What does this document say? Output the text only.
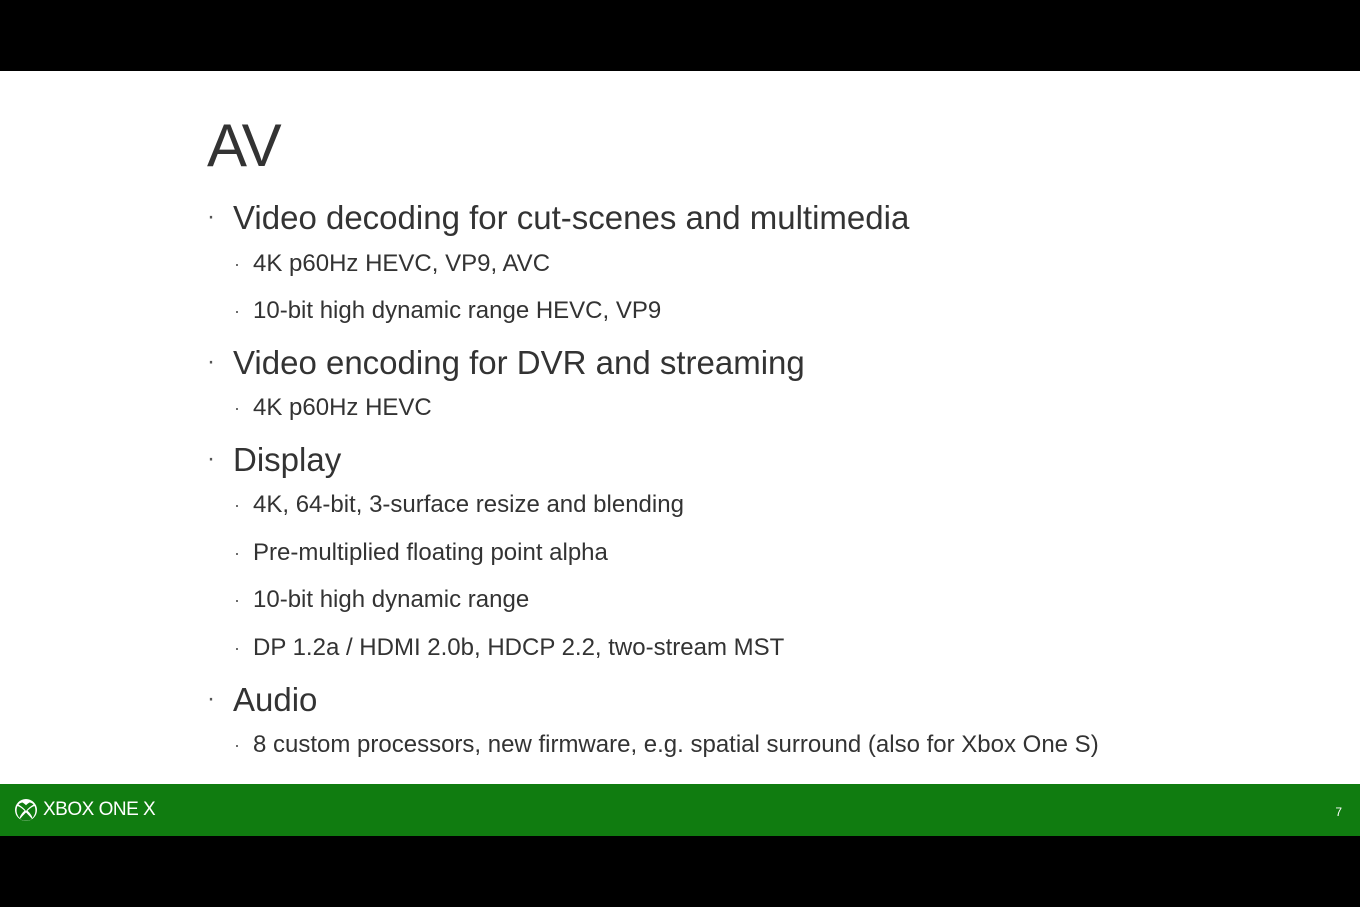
AV
· Video decoding for cut-scenes and multimedia
· 4K p60Hz HEVC, VP9, AVC
· 10-bit high dynamic range HEVC, VP9
· Video encoding for DVR and streaming
· 4K p60Hz HEVC
· Display
· 4K, 64-bit, 3-surface resize and blending
· Pre-multiplied floating point alpha
· 10-bit high dynamic range
· DP 1.2a / HDMI 2.0b, HDCP 2.2, two-stream MST
· Audio
· 8 custom processors, new firmware, e.g. spatial surround (also for Xbox One S)
XBOX ONE X	7
